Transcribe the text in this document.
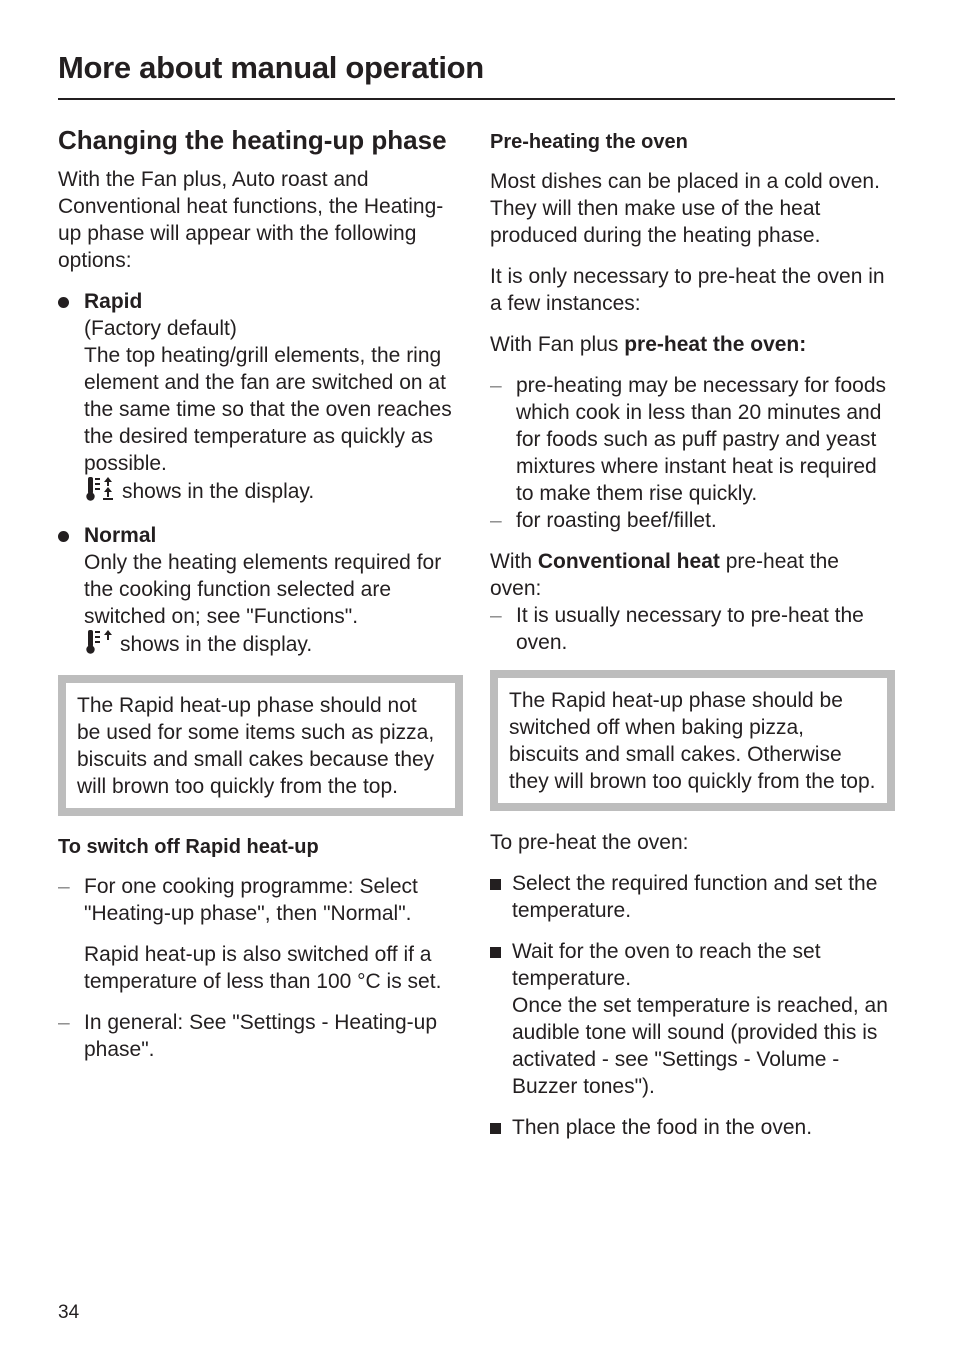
More about manual operation
Changing the heating-up phase
With the Fan plus, Auto roast and Conventional heat functions, the Heating-up phase will appear with the following options:
Rapid
(Factory default)
The top heating/grill elements, the ring element and the fan are switched on at the same time so that the oven reaches the desired temperature as quickly as possible.
shows in the display.
Normal
Only the heating elements required for the cooking function selected are switched on; see "Functions".
shows in the display.
The Rapid heat-up phase should not be used for some items such as pizza, biscuits and small cakes because they will brown too quickly from the top.
To switch off Rapid heat-up
– For one cooking programme: Select "Heating-up phase", then "Normal".
Rapid heat-up is also switched off if a temperature of less than 100 °C is set.
– In general: See "Settings - Heating-up phase".
Pre-heating the oven
Most dishes can be placed in a cold oven. They will then make use of the heat produced during the heating phase.
It is only necessary to pre-heat the oven in a few instances:
With Fan plus pre-heat the oven:
– pre-heating may be necessary for foods which cook in less than 20 minutes and for foods such as puff pastry and yeast mixtures where instant heat is required to make them rise quickly.
– for roasting beef/fillet.
With Conventional heat pre-heat the oven:
– It is usually necessary to pre-heat the oven.
The Rapid heat-up phase should be switched off when baking pizza, biscuits and small cakes. Otherwise they will brown too quickly from the top.
To pre-heat the oven:
Select the required function and set the temperature.
Wait for the oven to reach the set temperature.
Once the set temperature is reached, an audible tone will sound (provided this is activated - see "Settings - Volume - Buzzer tones").
Then place the food in the oven.
34
